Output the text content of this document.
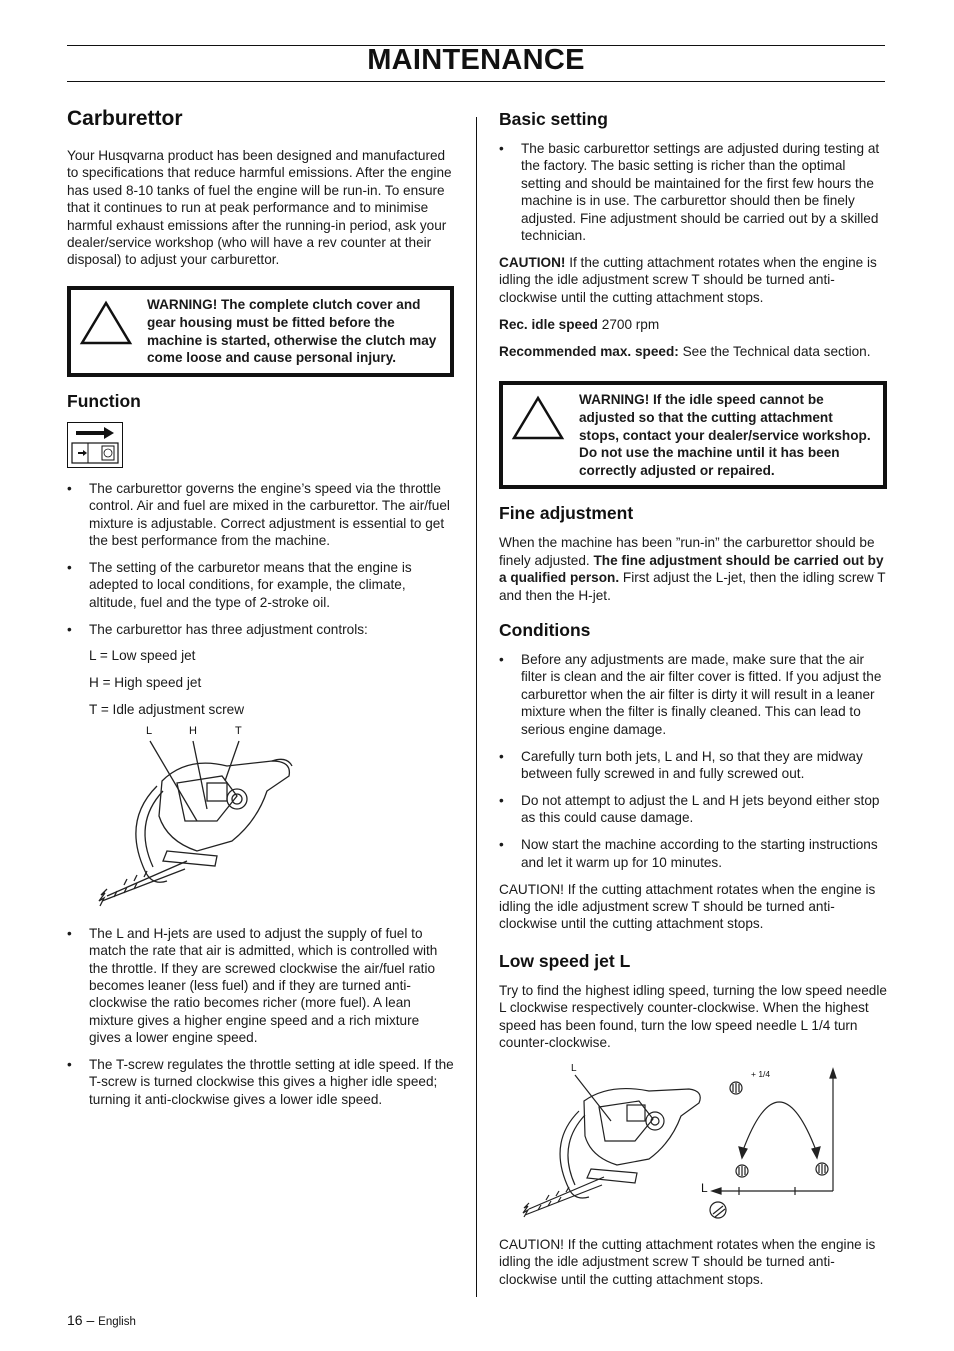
MAINTENANCE
Carburettor

Your Husqvarna product has been designed and manufactured to specifications that reduce harmful emissions. After the engine has used 8-10 tanks of fuel the engine will be run-in. To ensure that it continues to run at peak performance and to minimise harmful exhaust emissions after the running-in period, ask your dealer/service workshop (who will have a rev counter at their disposal) to adjust your carburettor.

WARNING! The complete clutch cover and gear housing must be fitted before the machine is started, otherwise the clutch may come loose and cause personal injury.
Function
• The carburettor governs the engine’s speed via the throttle control. Air and fuel are mixed in the carburettor. The air/fuel mixture is adjustable. Correct adjustment is essential to get the best performance from the machine.
• The setting of the carburetor means that the engine is adepted to local conditions, for example, the climate, altitude, fuel and the type of 2-stroke oil.
• The carburettor has three adjustment controls:

L = Low speed jet

H = High speed jet

T = Idle adjustment screw

L	H	T
• The L and H-jets are used to adjust the supply of fuel to match the rate that air is admitted, which is controlled with the throttle. If they are screwed clockwise the air/fuel ratio becomes leaner (less fuel) and if they are turned anti-clockwise the ratio becomes richer (more fuel). A lean mixture gives a higher engine speed and a rich mixture gives a lower engine speed.
• The T-screw regulates the throttle setting at idle speed. If the T-screw is turned clockwise this gives a higher idle speed; turning it anti-clockwise gives a lower idle speed.
Basic setting
• The basic carburettor settings are adjusted during testing at the factory. The basic setting is richer than the optimal setting and should be maintained for the first few hours the machine is in use. The carburettor should then be finely adjusted. Fine adjustment should be carried out by a skilled technician.

CAUTION! If the cutting attachment rotates when the engine is idling the idle adjustment screw T should be turned anti-clockwise until the cutting attachment stops.

Rec. idle speed 2700 rpm

Recommended max. speed: See the Technical data section.

WARNING! If the idle speed cannot be adjusted so that the cutting attachment stops, contact your dealer/service workshop. Do not use the machine until it has been correctly adjusted or repaired.
Fine adjustment

When the machine has been ”run-in” the carburettor should be finely adjusted. The fine adjustment should be carried out by a qualified person. First adjust the L-jet, then the idling screw T and then the H-jet.

Conditions
• Before any adjustments are made, make sure that the air filter is clean and the air filter cover is fitted. If you adjust the carburettor when the air filter is dirty it will result in a leaner mixture when the filter is finally cleaned. This can lead to serious engine damage.
• Carefully turn both jets, L and H, so that they are midway between fully screwed in and fully screwed out.
• Do not attempt to adjust the L and H jets beyond either stop as this could cause damage.
• Now start the machine according to the starting instructions and let it warm up for 10 minutes.

CAUTION! If the cutting attachment rotates when the engine is idling the idle adjustment screw T should be turned anti-clockwise until the cutting attachment stops.

Low speed jet L

Try to find the highest idling speed, turning the low speed needle L clockwise respectively counter-clockwise. When the highest speed has been found, turn the low speed needle L 1/4 turn counter-clockwise.

L	+ 1/4
L

CAUTION! If the cutting attachment rotates when the engine is idling the idle adjustment screw T should be turned anti-clockwise until the cutting attachment stops.

16 – English
